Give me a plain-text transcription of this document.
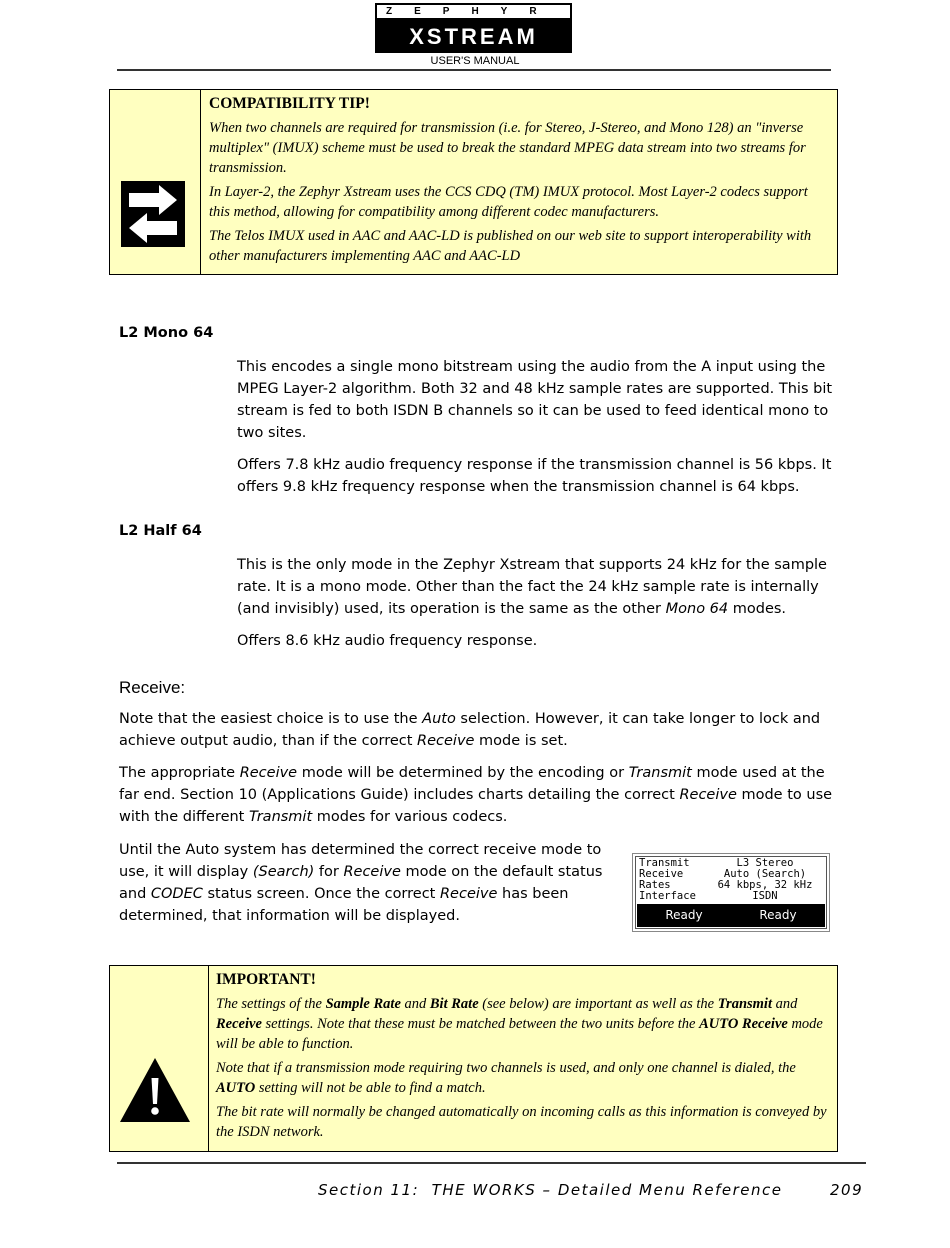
ZEPHYR
XSTREAM
USER'S MANUAL
COMPATIBILITY TIP!

When two channels are required for transmission (i.e. for Stereo, J-Stereo, and Mono 128) an "inverse multiplex" (IMUX) scheme must be used to break the standard MPEG data stream into two streams for transmission.

In Layer-2, the Zephyr Xstream uses the CCS CDQ (TM) IMUX protocol. Most Layer-2 codecs support this method, allowing for compatibility among different codec manufacturers.

The Telos IMUX used in AAC and AAC-LD is published on our web site to support interoperability with other manufacturers implementing AAC and AAC-LD

L2 Mono 64

This encodes a single mono bitstream using the audio from the A input using the MPEG Layer-2 algorithm. Both 32 and 48 kHz sample rates are supported. This bit stream is fed to both ISDN B channels so it can be used to feed identical mono to two sites.

Offers 7.8 kHz audio frequency response if the transmission channel is 56 kbps. It offers 9.8 kHz frequency response when the transmission channel is 64 kbps.

L2 Half 64

This is the only mode in the Zephyr Xstream that supports 24 kHz for the sample rate. It is a mono mode. Other than the fact the 24 kHz sample rate is internally (and invisibly) used, its operation is the same as the other Mono 64 modes.

Offers 8.6 kHz audio frequency response.

Receive:

Note that the easiest choice is to use the Auto selection. However, it can take longer to lock and achieve output audio, than if the correct Receive mode is set.

The appropriate Receive mode will be determined by the encoding or Transmit mode used at the far end. Section 10 (Applications Guide) includes charts detailing the correct Receive mode to use with the different Transmit modes for various codecs.

Until the Auto system has determined the correct receive mode to use, it will display (Search) for Receive mode on the default status and CODEC status screen. Once the correct Receive has been determined, that information will be displayed.

Transmit	L3 Stereo
Receive	Auto (Search)
Rates	64 kbps, 32 kHz
Interface	ISDN
Ready	Ready
IMPORTANT!

The settings of the Sample Rate and Bit Rate (see below) are important as well as the Transmit and Receive settings. Note that these must be matched between the two units before the AUTO Receive mode will be able to function.

Note that if a transmission mode requiring two channels is used, and only one channel is dialed, the AUTO setting will not be able to find a match.

The bit rate will normally be changed automatically on incoming calls as this information is conveyed by the ISDN network.

Section 11:  THE WORKS – Detailed Menu Reference	209
